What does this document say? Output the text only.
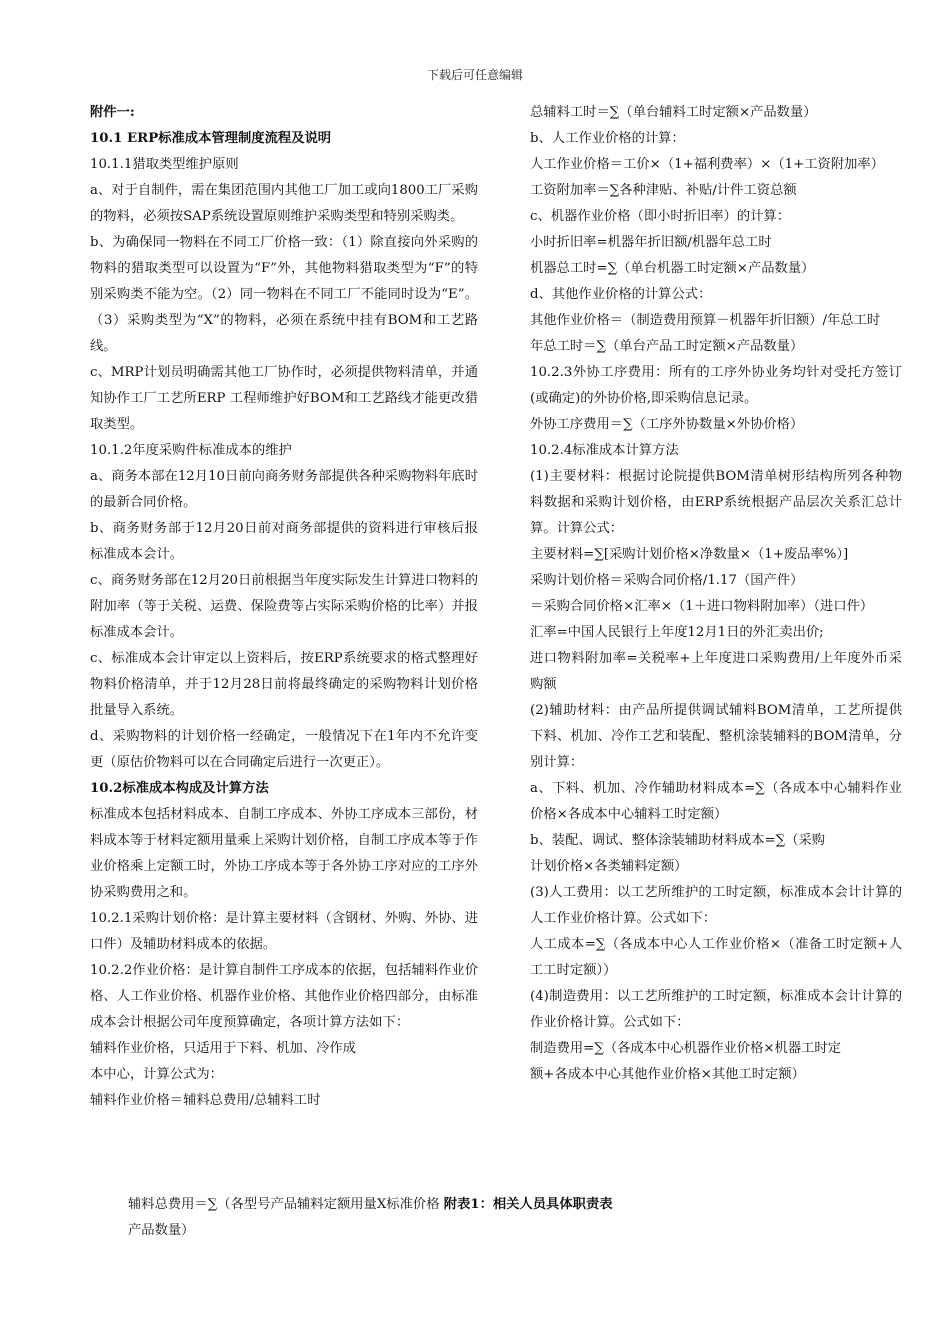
下载后可任意编辑

附件一:

10.1 ERP标准成本管理制度流程及说明

10.1.1猎取类型维护原则

a、对于自制件，需在集团范围内其他工厂加工或向1800工厂采购的物料，必须按SAP系统设置原则维护采购类型和特别采购类。

b、为确保同一物料在不同工厂价格一致：（1）除直接向外采购的物料的猎取类型可以设置为“F”外，其他物料猎取类型为“F”的特别采购类不能为空。（2）同一物料在不同工厂不能同时设为“E”。（3）采购类型为“X”的物料，必须在系统中挂有BOM和工艺路线。

c、MRP计划员明确需其他工厂协作时，必须提供物料清单，并通知协作工厂工艺所ERP 工程师维护好BOM和工艺路线才能更改猎取类型。

10.1.2年度采购件标准成本的维护

a、商务本部在12月10日前向商务财务部提供各种采购物料年底时的最新合同价格。

b、商务财务部于12月20日前对商务部提供的资料进行审核后报标准成本会计。

c、商务财务部在12月20日前根据当年度实际发生计算进口物料的附加率（等于关税、运费、保险费等占实际采购价格的比率）并报标准成本会计。

c、标准成本会计审定以上资料后，按ERP系统要求的格式整理好物料价格清单，并于12月28日前将最终确定的采购物料计划价格批量导入系统。

d、采购物料的计划价格一经确定，一般情况下在1年内不允许变更（原估价物料可以在合同确定后进行一次更正）。

10.2标准成本构成及计算方法

标准成本包括材料成本、自制工序成本、外协工序成本三部份，材料成本等于材料定额用量乘上采购计划价格，自制工序成本等于作业价格乘上定额工时，外协工序成本等于各外协工序对应的工序外协采购费用之和。

10.2.1采购计划价格：是计算主要材料（含钢材、外购、外协、进口件）及辅助材料成本的依据。

10.2.2作业价格：是计算自制件工序成本的依据，包括辅料作业价格、人工作业价格、机器作业价格、其他作业价格四部分，由标准成本会计根据公司年度预算确定，各项计算方法如下：

辅料作业价格，只适用于下料、机加、冷作成

本中心，计算公式为：

辅料作业价格＝辅料总费用/总辅料工时

总辅料工时＝∑（单台辅料工时定额×产品数量）

b、人工作业价格的计算：

人工作业价格＝工价×（1+福利费率）×（1+工资附加率）

工资附加率＝∑各种津贴、补贴/计件工资总额

c、机器作业价格（即小时折旧率）的计算：

小时折旧率=机器年折旧额/机器年总工时

机器总工时=∑（单台机器工时定额×产品数量）

d、其他作业价格的计算公式：

其他作业价格＝（制造费用预算－机器年折旧额）/年总工时

年总工时＝∑（单台产品工时定额×产品数量）

10.2.3外协工序费用：所有的工序外协业务均针对受托方签订(或确定)的外协价格,即采购信息记录。

外协工序费用＝∑（工序外协数量×外协价格）

10.2.4标准成本计算方法

(1)主要材料：根据讨论院提供BOM清单树形结构所列各种物料数据和采购计划价格，由ERP系统根据产品层次关系汇总计算。计算公式：

主要材料=∑[采购计划价格×净数量×（1+废品率%）]

采购计划价格＝采购合同价格/1.17（国产件）

＝采购合同价格×汇率×（1＋进口物料附加率）（进口件）

汇率=中国人民银行上年度12月1日的外汇卖出价;

进口物料附加率=关税率+上年度进口采购费用/上年度外币采购额

(2)辅助材料：由产品所提供调试辅料BOM清单，工艺所提供下料、机加、冷作工艺和装配、整机涂装辅料的BOM清单，分别计算：

a、下料、机加、冷作辅助材料成本=∑（各成本中心辅料作业价格×各成本中心辅料工时定额）

b、装配、调试、整体涂装辅助材料成本=∑（采购

计划价格×各类辅料定额）

(3)人工费用：以工艺所维护的工时定额，标准成本会计计算的人工作业价格计算。公式如下：

人工成本=∑（各成本中心人工作业价格×（准备工时定额+人工工时定额））

(4)制造费用：以工艺所维护的工时定额，标准成本会计计算的作业价格计算。公式如下：

制造费用=∑（各成本中心机器作业价格×机器工时定

额+各成本中心其他作业价格×其他工时定额）

辅料总费用＝∑（各型号产品辅料定额用量X标准价格 附表1：相关人员具体职责表

产品数量）
